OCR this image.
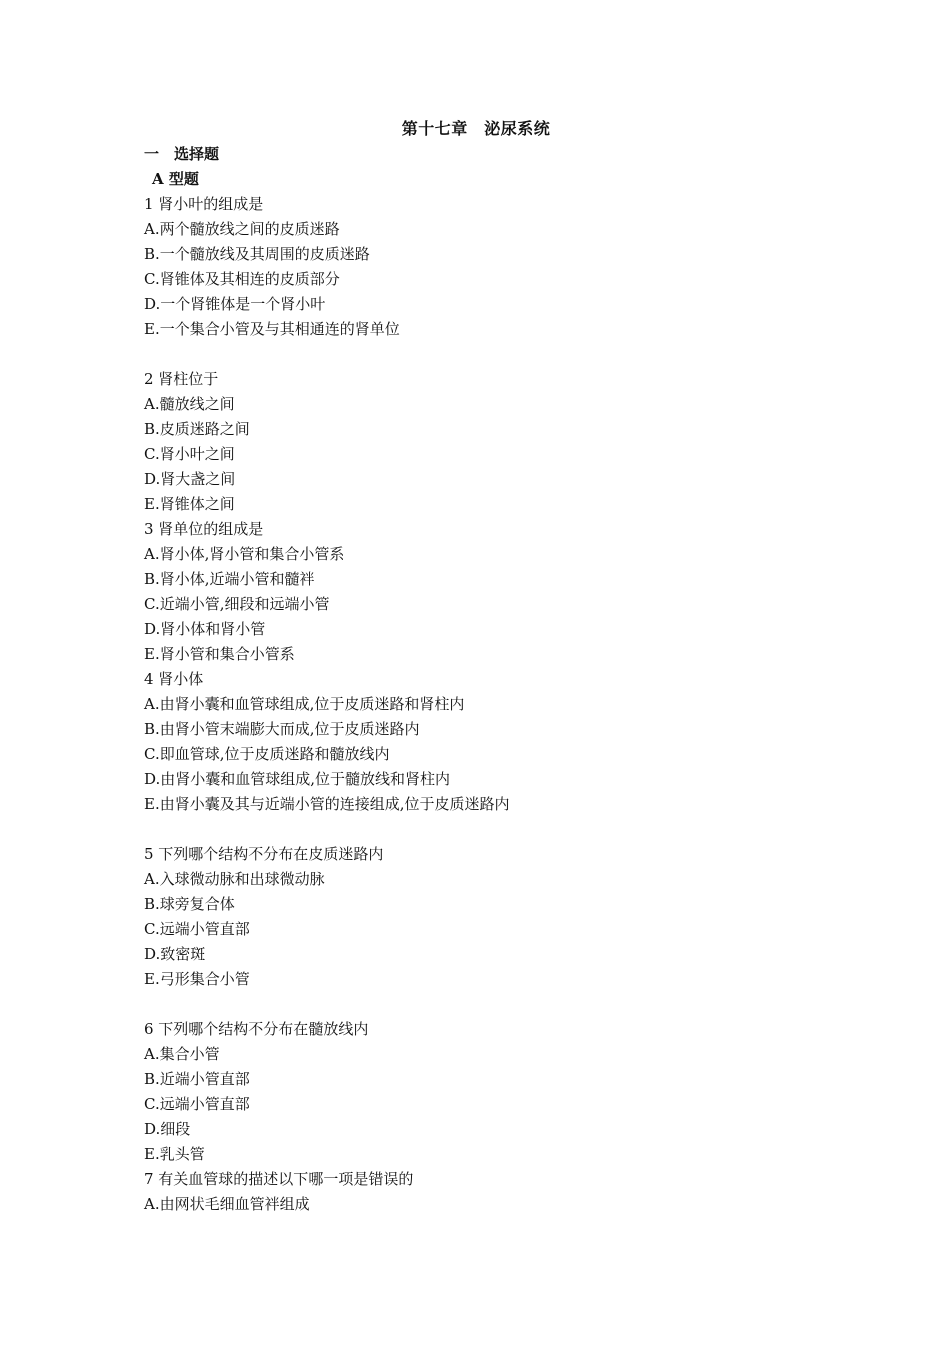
第十七章　泌尿系统
一　选择题
A 型题
1 肾小叶的组成是
A.两个髓放线之间的皮质迷路
B.一个髓放线及其周围的皮质迷路
C.肾锥体及其相连的皮质部分
D.一个肾锥体是一个肾小叶
E.一个集合小管及与其相通连的肾单位
2 肾柱位于
A.髓放线之间
B.皮质迷路之间
C.肾小叶之间
D.肾大盏之间
E.肾锥体之间
3 肾单位的组成是
A.肾小体,肾小管和集合小管系
B.肾小体,近端小管和髓袢
C.近端小管,细段和远端小管
D.肾小体和肾小管
E.肾小管和集合小管系
4 肾小体
A.由肾小囊和血管球组成,位于皮质迷路和肾柱内
B.由肾小管末端膨大而成,位于皮质迷路内
C.即血管球,位于皮质迷路和髓放线内
D.由肾小囊和血管球组成,位于髓放线和肾柱内
E.由肾小囊及其与近端小管的连接组成,位于皮质迷路内
5 下列哪个结构不分布在皮质迷路内
A.入球微动脉和出球微动脉
B.球旁复合体
C.远端小管直部
D.致密斑
E.弓形集合小管
6 下列哪个结构不分布在髓放线内
A.集合小管
B.近端小管直部
C.远端小管直部
D.细段
E.乳头管
7 有关血管球的描述以下哪一项是错误的
A.由网状毛细血管袢组成
